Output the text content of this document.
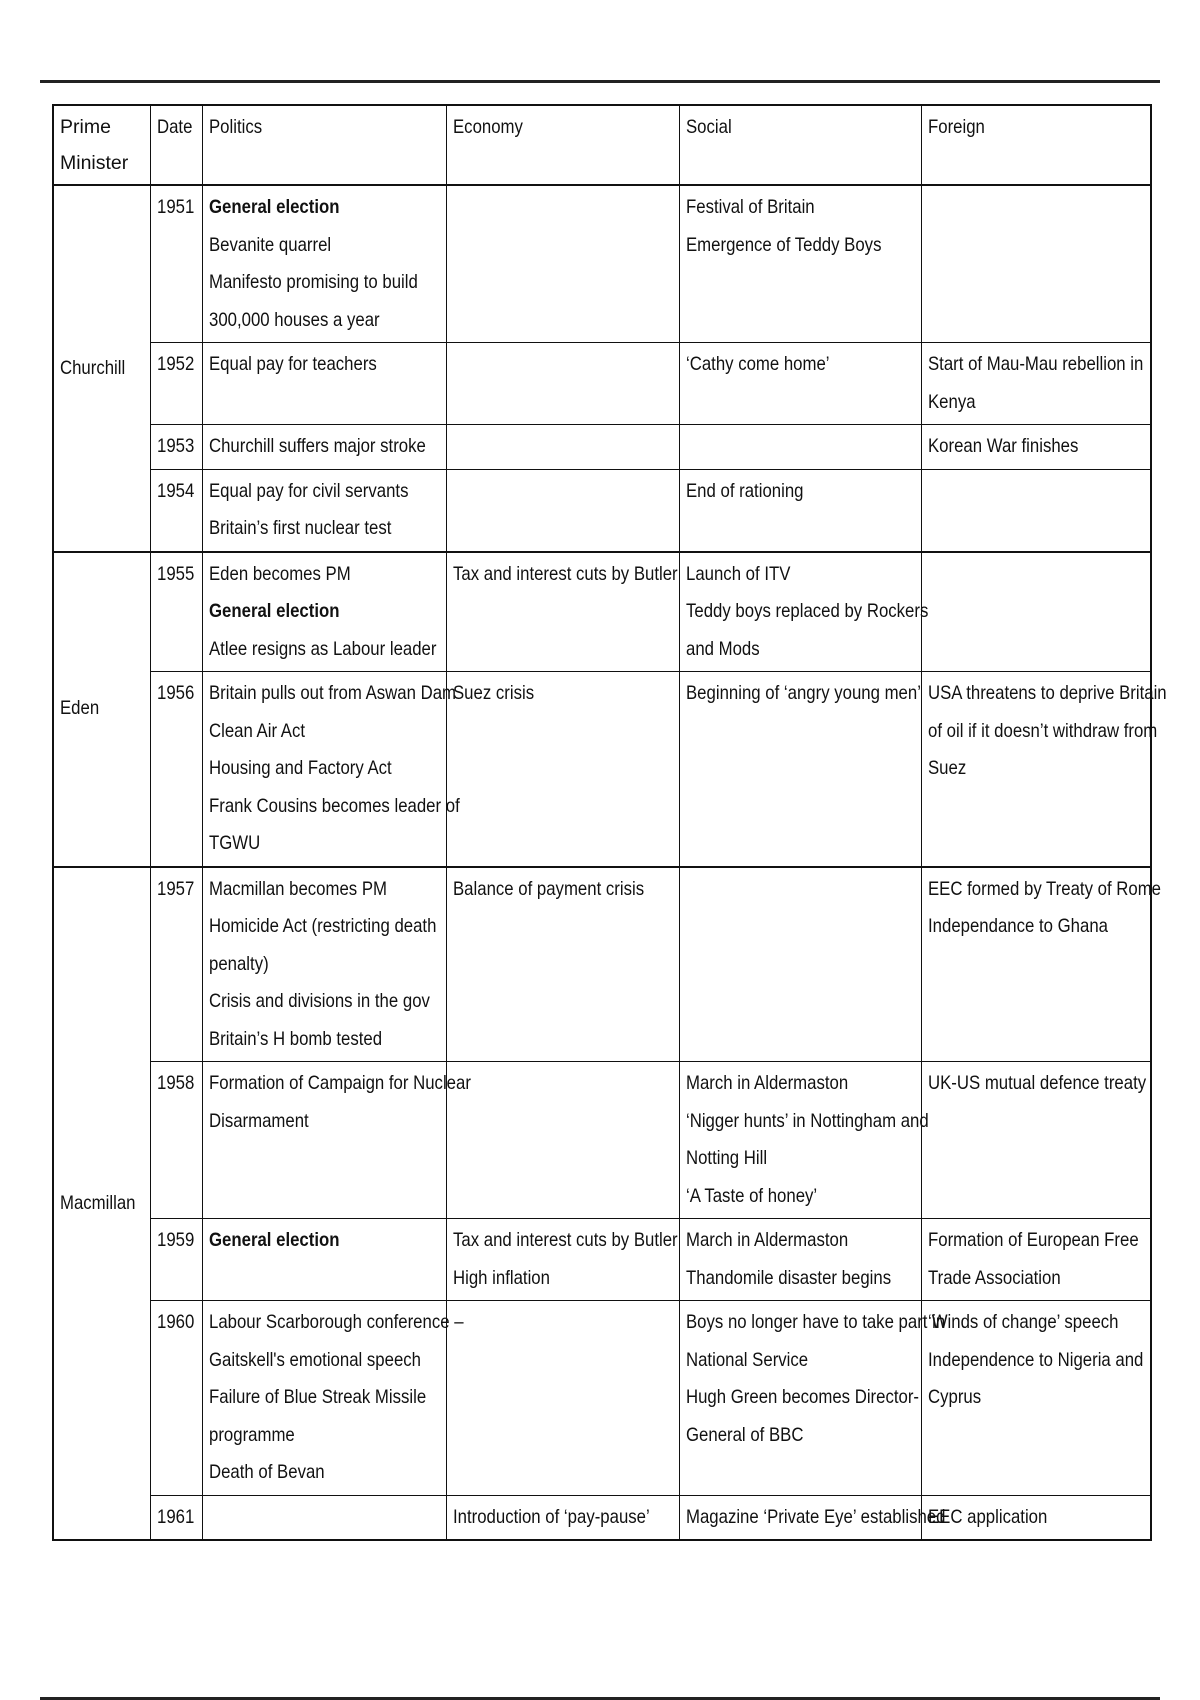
Prime Minister	Date	Politics	Economy	Social	Foreign
Churchill	1951	General election
Bevanite quarrel
Manifesto promising to build
300,000 houses a year		Festival of Britain
Emergence of Teddy Boys	

	1952	Equal pay for teachers		‘Cathy come home’	Start of Mau-Mau rebellion in
Kenya

	1953	Churchill suffers major stroke			Korean War finishes

	1954	Equal pay for civil servants
Britain’s first nuclear test		End of rationing	

Eden	1955	Eden becomes PM
General election
Atlee resigns as Labour leader	Tax and interest cuts by Butler	Launch of ITV
Teddy boys replaced by Rockers
and Mods	

	1956	Britain pulls out from Aswan Dam
Clean Air Act
Housing and Factory Act
Frank Cousins becomes leader of
TGWU	Suez crisis	Beginning of ‘angry young men’	USA threatens to deprive Britain
of oil if it doesn’t withdraw from
Suez

Macmillan	1957	Macmillan becomes PM
Homicide Act (restricting death
penalty)
Crisis and divisions in the gov
Britain’s H bomb tested	Balance of payment crisis		EEC formed by Treaty of Rome
Independance to Ghana

	1958	Formation of Campaign for Nuclear
Disarmament		March in Aldermaston
‘Nigger hunts’ in Nottingham and
Notting Hill
‘A Taste of honey’	UK-US mutual defence treaty

	1959	General election	Tax and interest cuts by Butler
High inflation	March in Aldermaston
Thandomile disaster begins	Formation of European Free
Trade Association

	1960	Labour Scarborough conference –
Gaitskell's emotional speech
Failure of Blue Streak Missile
programme
Death of Bevan		Boys no longer have to take part in
National Service
Hugh Green becomes Director-
General of BBC	‘Winds of change’ speech
Independence to Nigeria and
Cyprus

	1961		Introduction of ‘pay-pause’	Magazine ‘Private Eye’ established	EEC application
